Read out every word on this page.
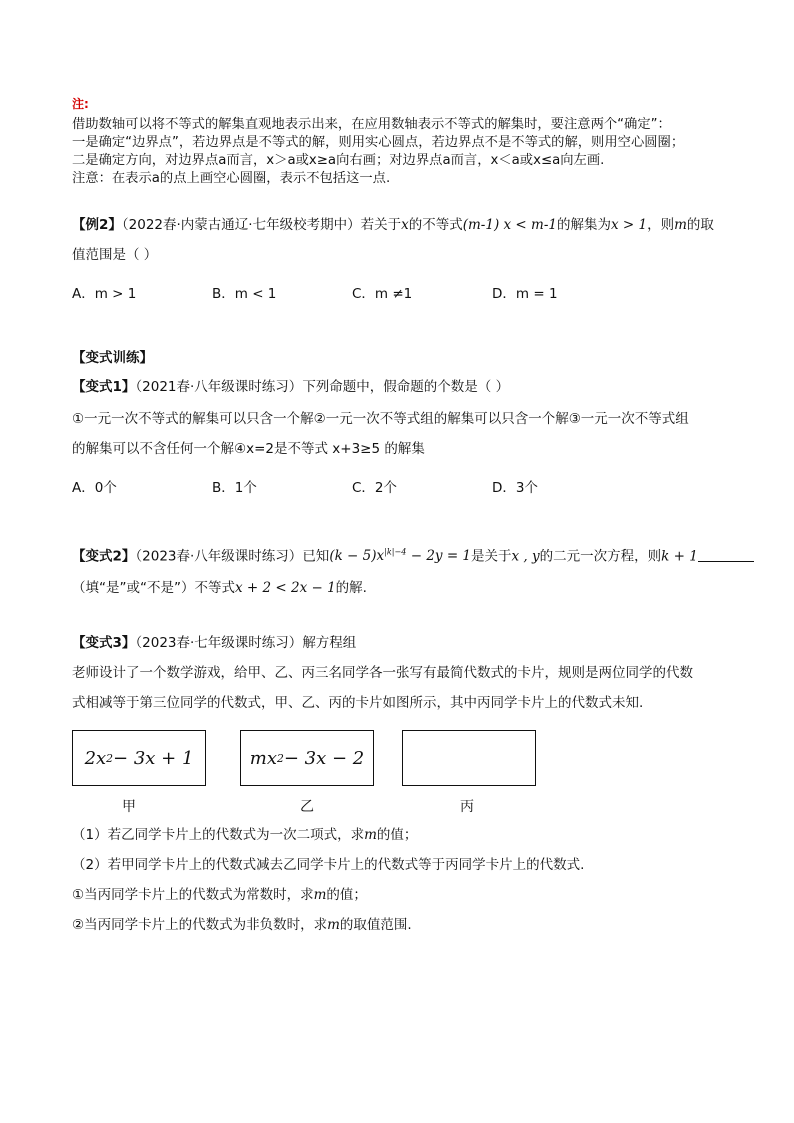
注:
借助数轴可以将不等式的解集直观地表示出来，在应用数轴表示不等式的解集时，要注意两个“确定”：
一是确定“边界点”，若边界点是不等式的解，则用实心圆点，若边界点不是不等式的解，则用空心圆圈；
二是确定方向，对边界点a而言，x＞a或x≥a向右画；对边界点a而言，x＜a或x≤a向左画.
注意：在表示a的点上画空心圆圈，表示不包括这一点.
【例2】（2022春·内蒙古通辽·七年级校考期中）若关于x的不等式(m-1) x < m-1的解集为x > 1，则m的取
值范围是（ ）
A．m > 1	B．m < 1	C．m ≠1	D．m = 1
【变式训练】
【变式1】（2021春·八年级课时练习）下列命题中，假命题的个数是（ ）
①一元一次不等式的解集可以只含一个解②一元一次不等式组的解集可以只含一个解③一元一次不等式组
的解集可以不含任何一个解④x=2是不等式 x+3≥5 的解集
A．0个	B．1个	C．2个	D．3个
【变式2】（2023春·八年级课时练习）已知$(k - 5)x^{|k|-4} - 2y = 1$是关于x , y的二元一次方程，则k + 1
（填“是”或“不是”）不等式x + 2 < 2x − 1的解.
【变式3】（2023春·七年级课时练习）解方程组
老师设计了一个数学游戏，给甲、乙、丙三名同学各一张写有最简代数式的卡片，规则是两位同学的代数
式相减等于第三位同学的代数式，甲、乙、丙的卡片如图所示，其中丙同学卡片上的代数式未知.
2x 2 − 3x + 1
甲
mx 2 − 3x − 2
乙	丙
（1）若乙同学卡片上的代数式为一次二项式，求m的值；
（2）若甲同学卡片上的代数式减去乙同学卡片上的代数式等于丙同学卡片上的代数式.
①当丙同学卡片上的代数式为常数时，求m的值；
②当丙同学卡片上的代数式为非负数时，求m的取值范围.
